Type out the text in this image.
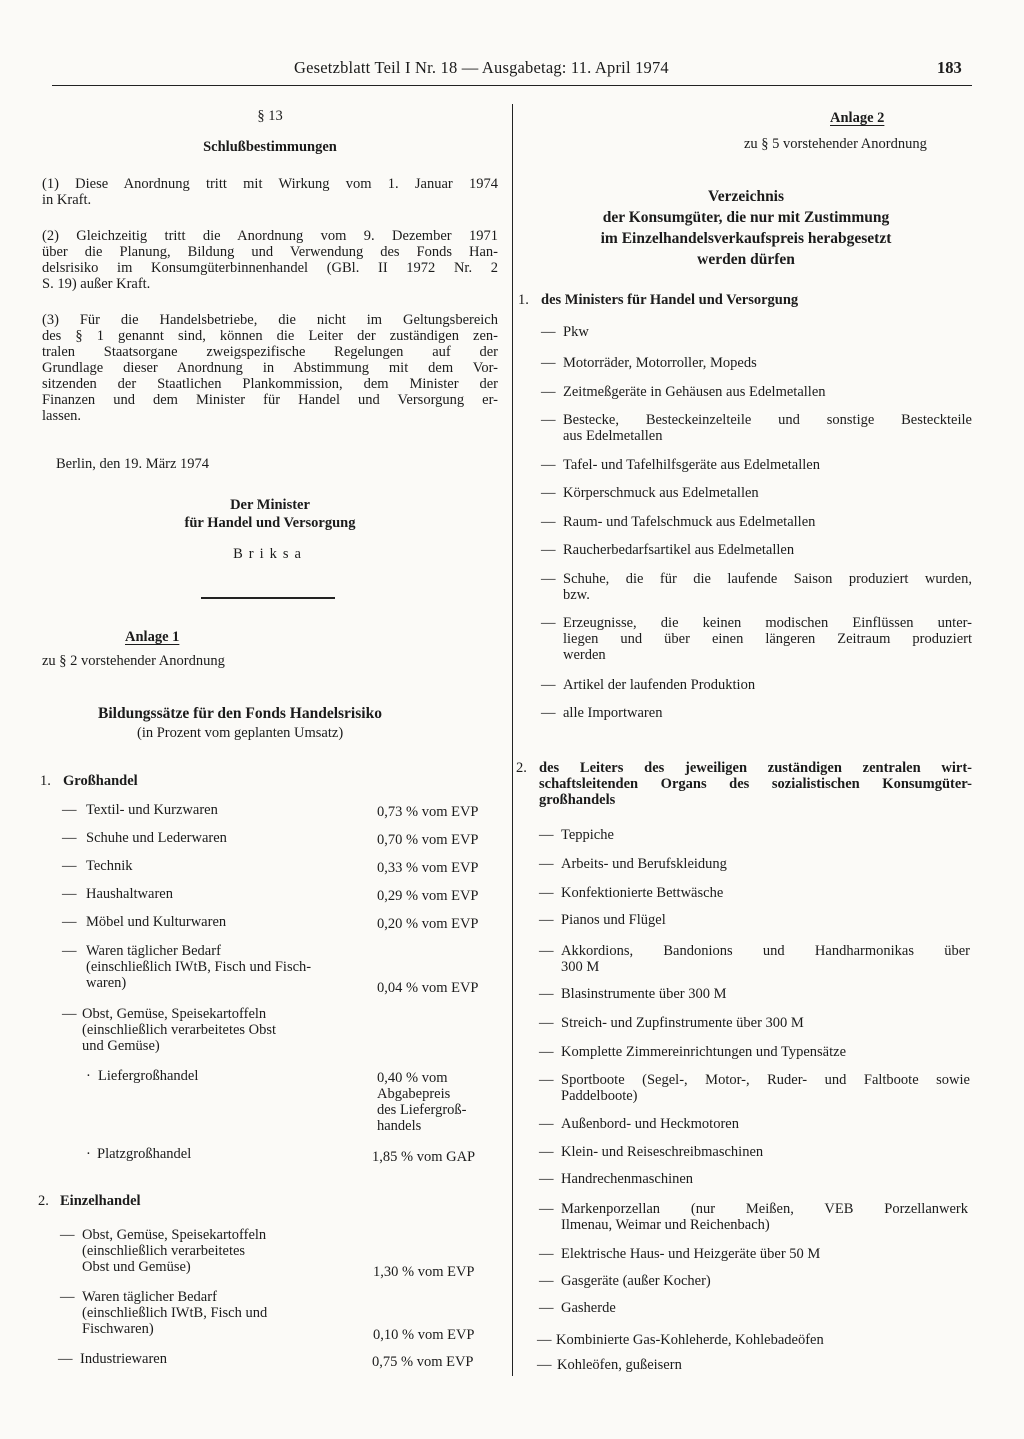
Gesetzblatt Teil I Nr. 18 — Ausgabetag: 11. April 1974	183
§ 13
Schlußbestimmungen
(1) Diese Anordnung tritt mit Wirkung vom 1. Januar 1974
in Kraft.
(2) Gleichzeitig tritt die Anordnung vom 9. Dezember 1971
über die Planung, Bildung und Verwendung des Fonds Han-
delsrisiko im Konsumgüterbinnenhandel (GBl. II 1972 Nr. 2
S. 19) außer Kraft.
(3) Für die Handelsbetriebe, die nicht im Geltungsbereich
des § 1 genannt sind, können die Leiter der zuständigen zen-
tralen Staatsorgane zweigspezifische Regelungen auf der
Grundlage dieser Anordnung in Abstimmung mit dem Vor-
sitzenden der Staatlichen Plankommission, dem Minister der
Finanzen und dem Minister für Handel und Versorgung er-
lassen.
Berlin, den 19. März 1974
Der Minister
für Handel und Versorgung
Briksa
Anlage 1
zu § 2 vorstehender Anordnung
Bildungssätze für den Fonds Handelsrisiko
(in Prozent vom geplanten Umsatz)
1. Großhandel
— Textil- und Kurzwaren	0,73 % vom EVP
— Schuhe und Lederwaren	0,70 % vom EVP
— Technik	0,33 % vom EVP
— Haushaltwaren	0,29 % vom EVP
— Möbel und Kulturwaren	0,20 % vom EVP
— Waren täglicher Bedarf
(einschließlich IWtB, Fisch und Fisch-
waren)	0,04 % vom EVP
— Obst, Gemüse, Speisekartoffeln
(einschließlich verarbeitetes Obst
und Gemüse)
· Liefergroßhandel	0,40 % vom
Abgabepreis
des Liefergroß-
handels
· Platzgroßhandel	1,85 % vom GAP
2. Einzelhandel
— Obst, Gemüse, Speisekartoffeln
(einschließlich verarbeitetes
Obst und Gemüse)	1,30 % vom EVP
— Waren täglicher Bedarf
(einschließlich IWtB, Fisch und
Fischwaren)	0,10 % vom EVP
— Industriewaren	0,75 % vom EVP
Anlage 2
zu § 5 vorstehender Anordnung
Verzeichnis
der Konsumgüter, die nur mit Zustimmung
im Einzelhandelsverkaufspreis herabgesetzt
werden dürfen
1. des Ministers für Handel und Versorgung
— Pkw
— Motorräder, Motorroller, Mopeds
— Zeitmeßgeräte in Gehäusen aus Edelmetallen
— Bestecke, Besteckeinzelteile und sonstige Besteckteile
aus Edelmetallen
— Tafel- und Tafelhilfsgeräte aus Edelmetallen
— Körperschmuck aus Edelmetallen
— Raum- und Tafelschmuck aus Edelmetallen
— Raucherbedarfsartikel aus Edelmetallen
— Schuhe, die für die laufende Saison produziert wurden,
bzw.
— Erzeugnisse, die keinen modischen Einflüssen unter-
liegen und über einen längeren Zeitraum produziert
werden
— Artikel der laufenden Produktion
— alle Importwaren
2. des Leiters des jeweiligen zuständigen zentralen wirt-
schaftsleitenden Organs des sozialistischen Konsumgüter-
großhandels
— Teppiche
— Arbeits- und Berufskleidung
— Konfektionierte Bettwäsche
— Pianos und Flügel
— Akkordions, Bandonions und Handharmonikas über
300 M
— Blasinstrumente über 300 M
— Streich- und Zupfinstrumente über 300 M
— Komplette Zimmereinrichtungen und Typensätze
— Sportboote (Segel-, Motor-, Ruder- und Faltboote sowie
Paddelboote)
— Außenbord- und Heckmotoren
— Klein- und Reiseschreibmaschinen
— Handrechenmaschinen
— Markenporzellan (nur Meißen, VEB Porzellanwerk
Ilmenau, Weimar und Reichenbach)
— Elektrische Haus- und Heizgeräte über 50 M
— Gasgeräte (außer Kocher)
— Gasherde
— Kombinierte Gas-Kohleherde, Kohlebadeöfen
— Kohleöfen, gußeisern
